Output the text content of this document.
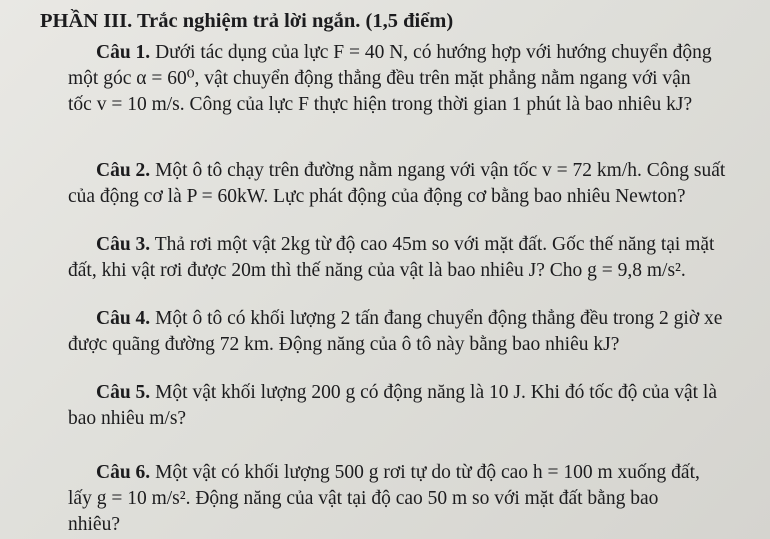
PHẦN III. Trắc nghiệm trả lời ngắn. (1,5 điểm)
Câu 1. Dưới tác dụng của lực F = 40 N, có hướng hợp với hướng chuyển động
một góc α = 60⁰, vật chuyển động thẳng đều trên mặt phẳng nằm ngang với vận
tốc v = 10 m/s. Công của lực F thực hiện trong thời gian 1 phút là bao nhiêu kJ?
Câu 2. Một ô tô chạy trên đường nằm ngang với vận tốc v = 72 km/h. Công suất
của động cơ là P = 60kW. Lực phát động của động cơ bằng bao nhiêu Newton?
Câu 3. Thả rơi một vật 2kg từ độ cao 45m so với mặt đất. Gốc thế năng tại mặt
đất, khi vật rơi được 20m thì thế năng của vật là bao nhiêu J? Cho g = 9,8 m/s².
Câu 4. Một ô tô có khối lượng 2 tấn đang chuyển động thẳng đều trong 2 giờ xe
được quãng đường 72 km. Động năng của ô tô này bằng bao nhiêu kJ?
Câu 5. Một vật khối lượng 200 g có động năng là 10 J. Khi đó tốc độ của vật là
bao nhiêu m/s?
Câu 6. Một vật có khối lượng 500 g rơi tự do từ độ cao h = 100 m xuống đất,
lấy g = 10 m/s². Động năng của vật tại độ cao 50 m so với mặt đất bằng bao
nhiêu?
